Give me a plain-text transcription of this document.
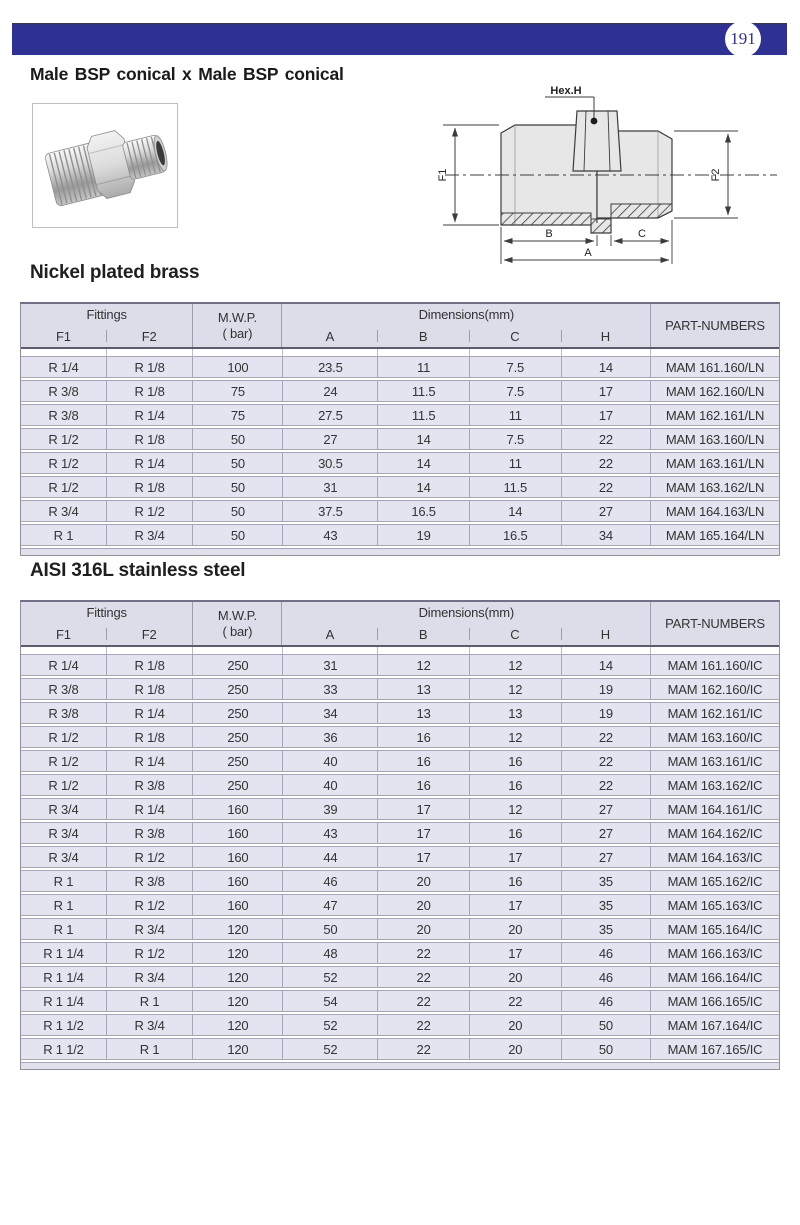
191
Male BSP conical x Male BSP conical
Hex.H
F1	F2
B	C
A
Nickel plated brass
Fittings
F1	F2
M.W.P.
( bar)
Dimensions(mm)
A	B	C	H
PART-NUMBERS
R 1/4	R 1/8	100	23.5	11	7.5	14	MAM 161.160/LN
R 3/8	R 1/8	75	24	11.5	7.5	17	MAM 162.160/LN
R 3/8	R 1/4	75	27.5	11.5	11	17	MAM 162.161/LN
R 1/2	R 1/8	50	27	14	7.5	22	MAM 163.160/LN
R 1/2	R 1/4	50	30.5	14	11	22	MAM 163.161/LN
R 1/2	R 1/8	50	31	14	11.5	22	MAM 163.162/LN
R 3/4	R 1/2	50	37.5	16.5	14	27	MAM 164.163/LN
R 1	R 3/4	50	43	19	16.5	34	MAM 165.164/LN
AISI 316L stainless steel
Fittings
F1	F2
M.W.P.
( bar)
Dimensions(mm)
A	B	C	H
PART-NUMBERS
R 1/4	R 1/8	250	31	12	12	14	MAM 161.160/IC
R 3/8	R 1/8	250	33	13	12	19	MAM 162.160/IC
R 3/8	R 1/4	250	34	13	13	19	MAM 162.161/IC
R 1/2	R 1/8	250	36	16	12	22	MAM 163.160/IC
R 1/2	R 1/4	250	40	16	16	22	MAM 163.161/IC
R 1/2	R 3/8	250	40	16	16	22	MAM 163.162/IC
R 3/4	R 1/4	160	39	17	12	27	MAM 164.161/IC
R 3/4	R 3/8	160	43	17	16	27	MAM 164.162/IC
R 3/4	R 1/2	160	44	17	17	27	MAM 164.163/IC
R 1	R 3/8	160	46	20	16	35	MAM 165.162/IC
R 1	R 1/2	160	47	20	17	35	MAM 165.163/IC
R 1	R 3/4	120	50	20	20	35	MAM 165.164/IC
R 1 1/4	R 1/2	120	48	22	17	46	MAM 166.163/IC
R 1 1/4	R 3/4	120	52	22	20	46	MAM 166.164/IC
R 1 1/4	R 1	120	54	22	22	46	MAM 166.165/IC
R 1 1/2	R 3/4	120	52	22	20	50	MAM 167.164/IC
R 1 1/2	R 1	120	52	22	20	50	MAM 167.165/IC
